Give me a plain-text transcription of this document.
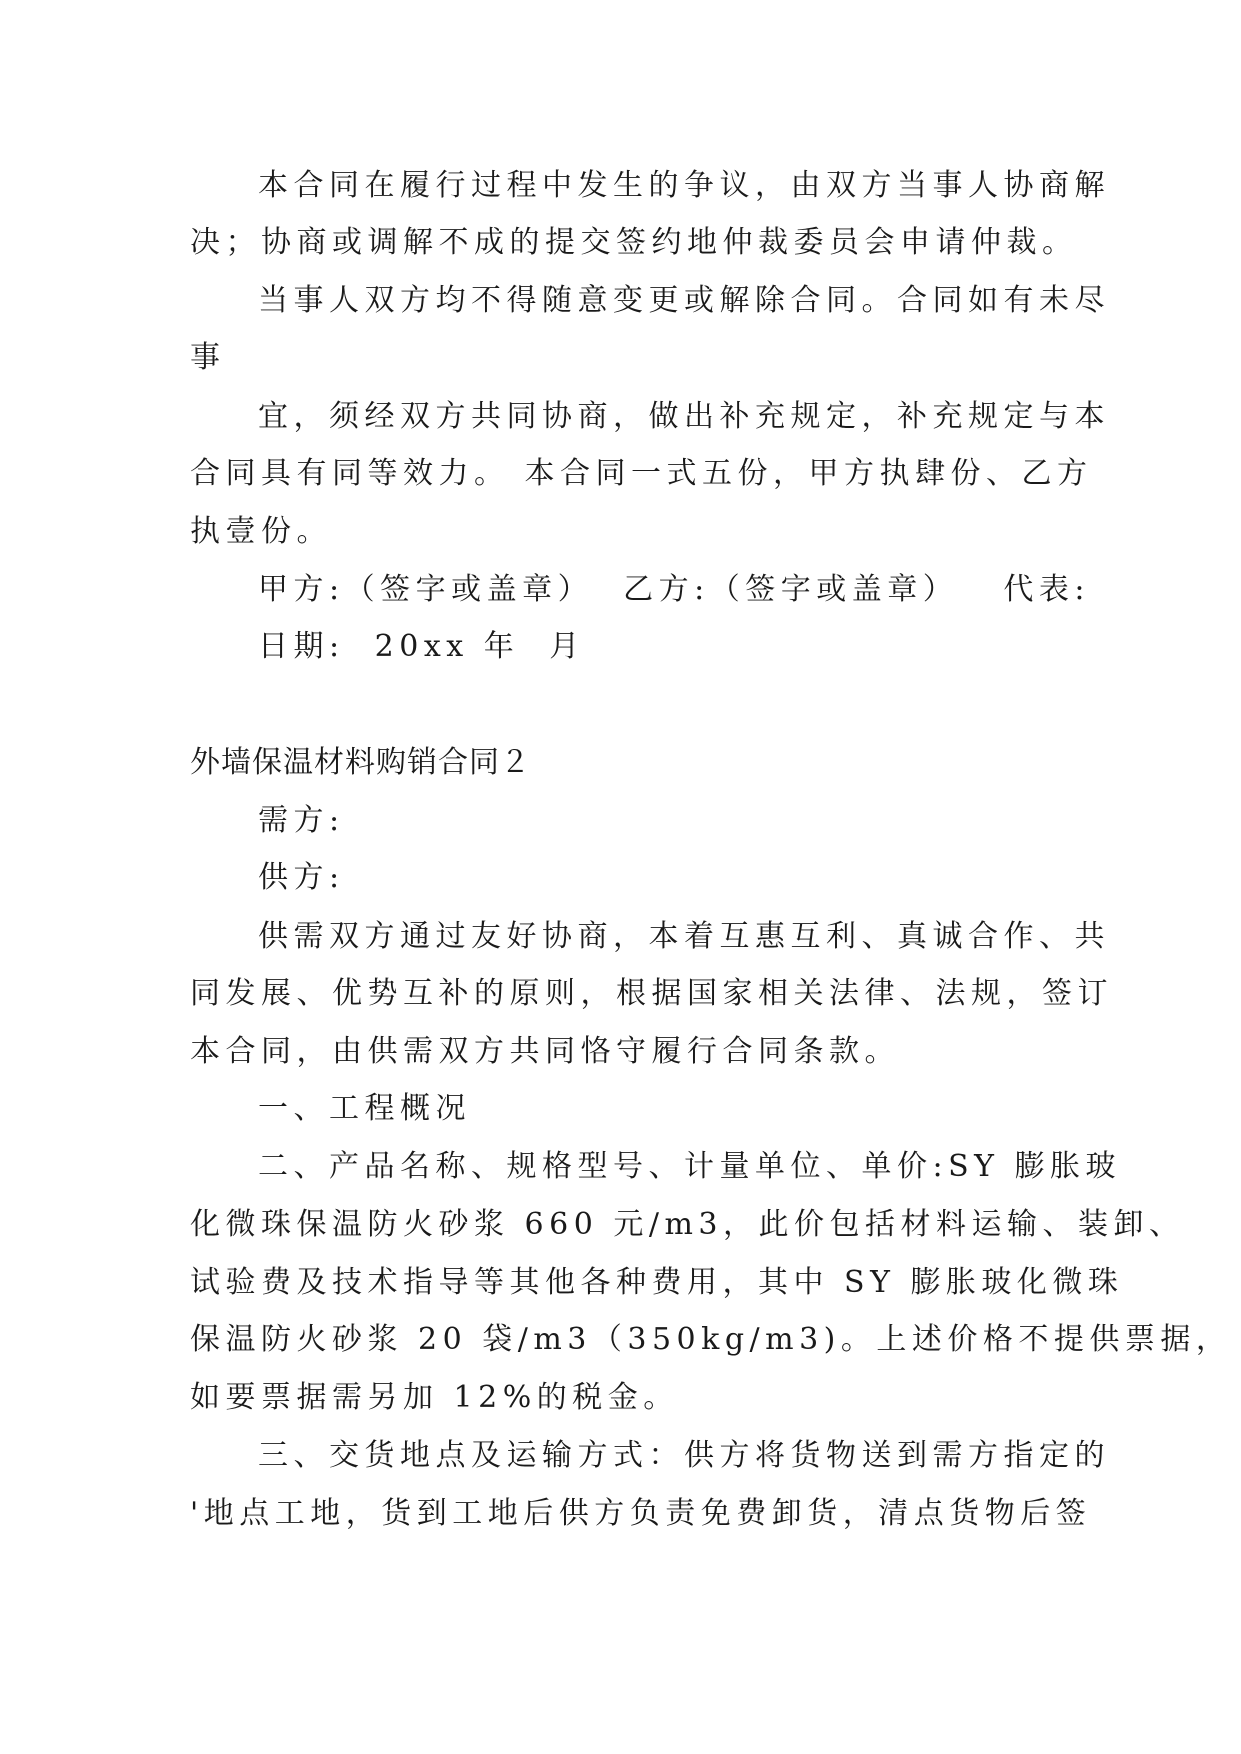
本合同在履行过程中发生的争议，由双方当事人协商解
决；协商或调解不成的提交签约地仲裁委员会申请仲裁。
当事人双方均不得随意变更或解除合同。合同如有未尽
事
宜，须经双方共同协商，做出补充规定，补充规定与本
合同具有同等效力。 本合同一式五份，甲方执肆份、乙方
执壹份。
甲方:（签字或盖章）  乙方:（签字或盖章）   代表:
日期:  20xx 年  月
外墙保温材料购销合同２
需方:
供方:
供需双方通过友好协商，本着互惠互利、真诚合作、共
同发展、优势互补的原则，根据国家相关法律、法规，签订
本合同，由供需双方共同恪守履行合同条款。
一、工程概况
二、产品名称、规格型号、计量单位、单价:SY 膨胀玻
化微珠保温防火砂浆 660 元/m3，此价包括材料运输、装卸、
试验费及技术指导等其他各种费用，其中 SY 膨胀玻化微珠
保温防火砂浆 20 袋/m3（350kg/m3)。上述价格不提供票据，
如要票据需另加 12%的税金。
三、交货地点及运输方式：供方将货物送到需方指定的
'地点工地，货到工地后供方负责免费卸货，清点货物后签
